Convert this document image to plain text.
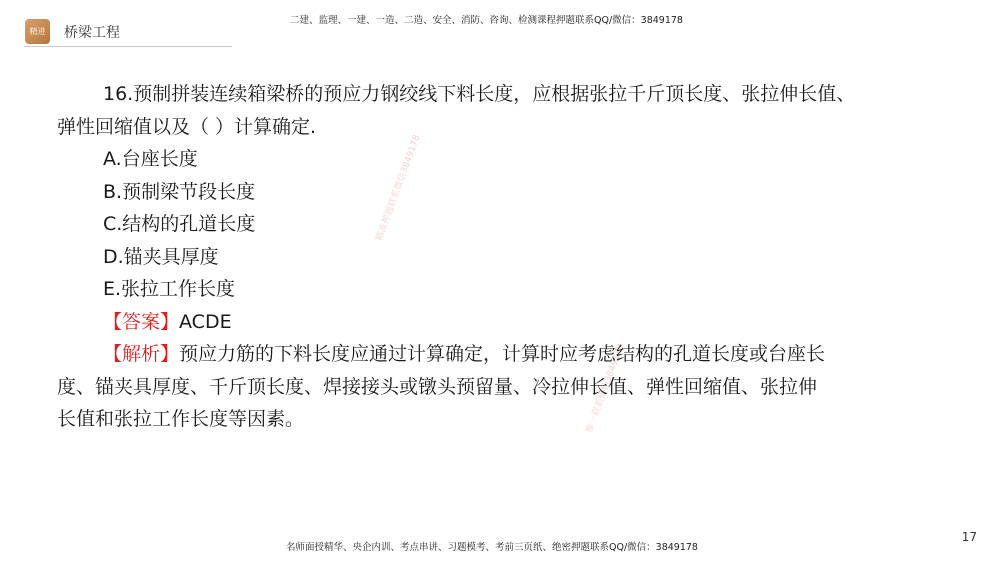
精进 桥梁工程
二建、监理、一建、一造、二造、安全、消防、咨询、检测课程押题联系QQ/微信：3849178

16.预制拼装连续箱梁桥的预应力钢绞线下料长度，应根据张拉千斤顶长度、张拉伸长值、

弹性回缩值以及（ ）计算确定.

A.台座长度

B.预制梁节段长度

C.结构的孔道长度

D.锚夹具厚度

E.张拉工作长度

【答案】ACDE

【解析】预应力筋的下料长度应通过计算确定，计算时应考虑结构的孔道长度或台座长

度、锚夹具厚度、千斤顶长度、焊接接头或镦头预留量、冷拉伸长值、弹性回缩值、张拉伸

长值和张拉工作长度等因素。

精准押题联系微信3849178
推一联系微信3849178
17
名师面授精华、央企内训、考点串讲、习题模考、考前三页纸、绝密押题联系QQ/微信：3849178
